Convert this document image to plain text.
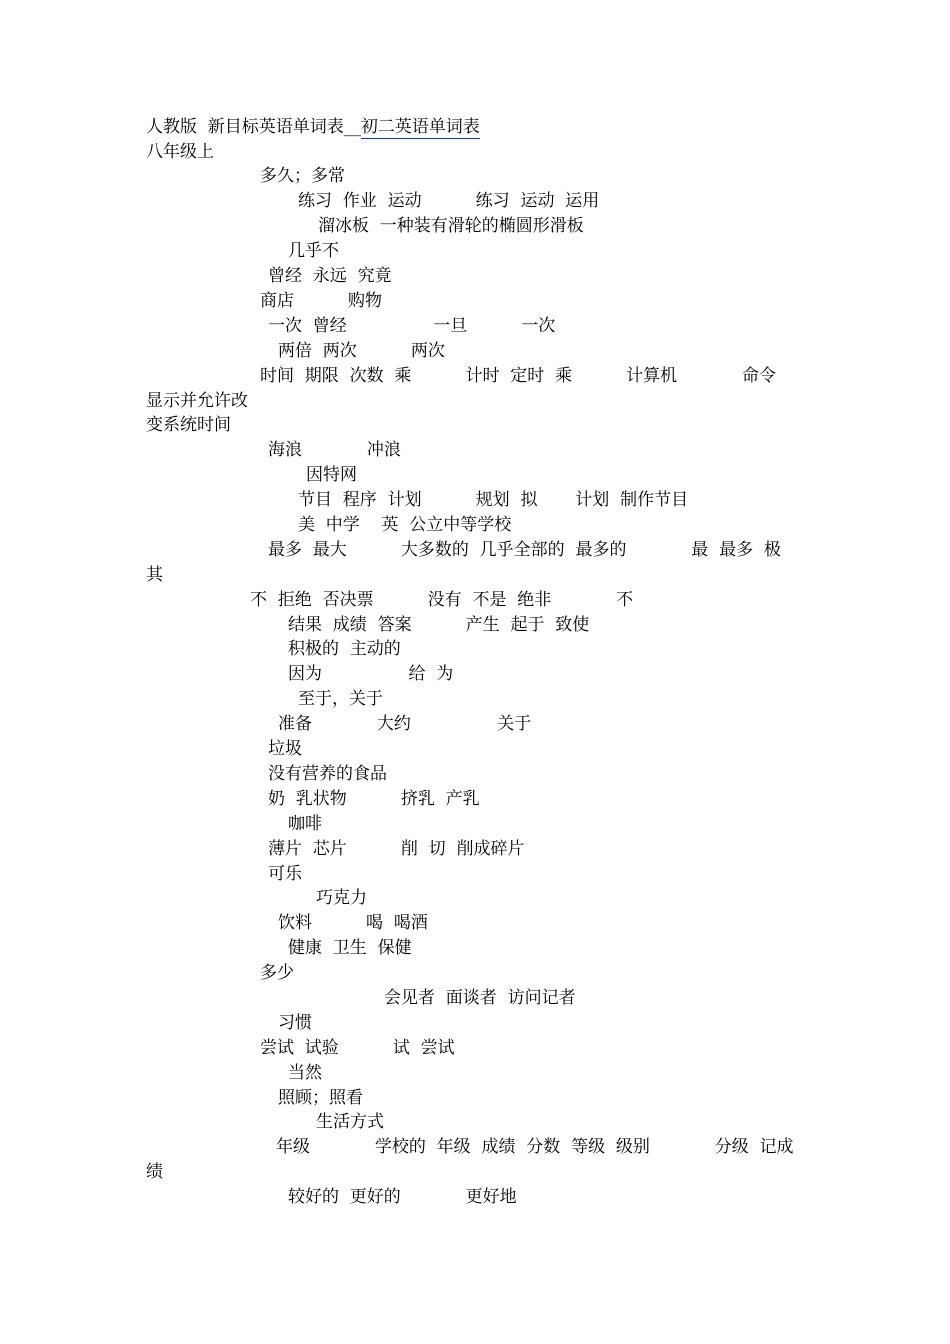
人教版  新目标英语单词表__初二英语单词表
八年级上
多久；多常
练习  作业  运动          练习  运动  运用
溜冰板  一种装有滑轮的椭圆形滑板
几乎不
曾经  永远  究竟
商店          购物
一次  曾经                一旦          一次
两倍  两次          两次
时间  期限  次数  乘          计时  定时  乘          计算机            命令
显示并允许改
变系统时间
海浪            冲浪
因特网
节目  程序  计划          规划  拟       计划  制作节目
美  中学    英  公立中等学校
最多  最大          大多数的  几乎全部的  最多的            最  最多  极
其
不  拒绝  否决票          没有  不是  绝非            不
结果  成绩  答案          产生  起于  致使
积极的  主动的
因为                给  为
至于，关于
准备            大约                关于
垃圾
没有营养的食品
奶  乳状物          挤乳  产乳
咖啡
薄片  芯片          削  切  削成碎片
可乐
巧克力
饮料          喝  喝酒
健康  卫生  保健
多少
会见者  面谈者  访问记者
习惯
尝试  试验          试  尝试
当然
照顾；照看
生活方式
年级            学校的  年级  成绩  分数  等级  级别            分级  记成
绩
较好的  更好的            更好地
